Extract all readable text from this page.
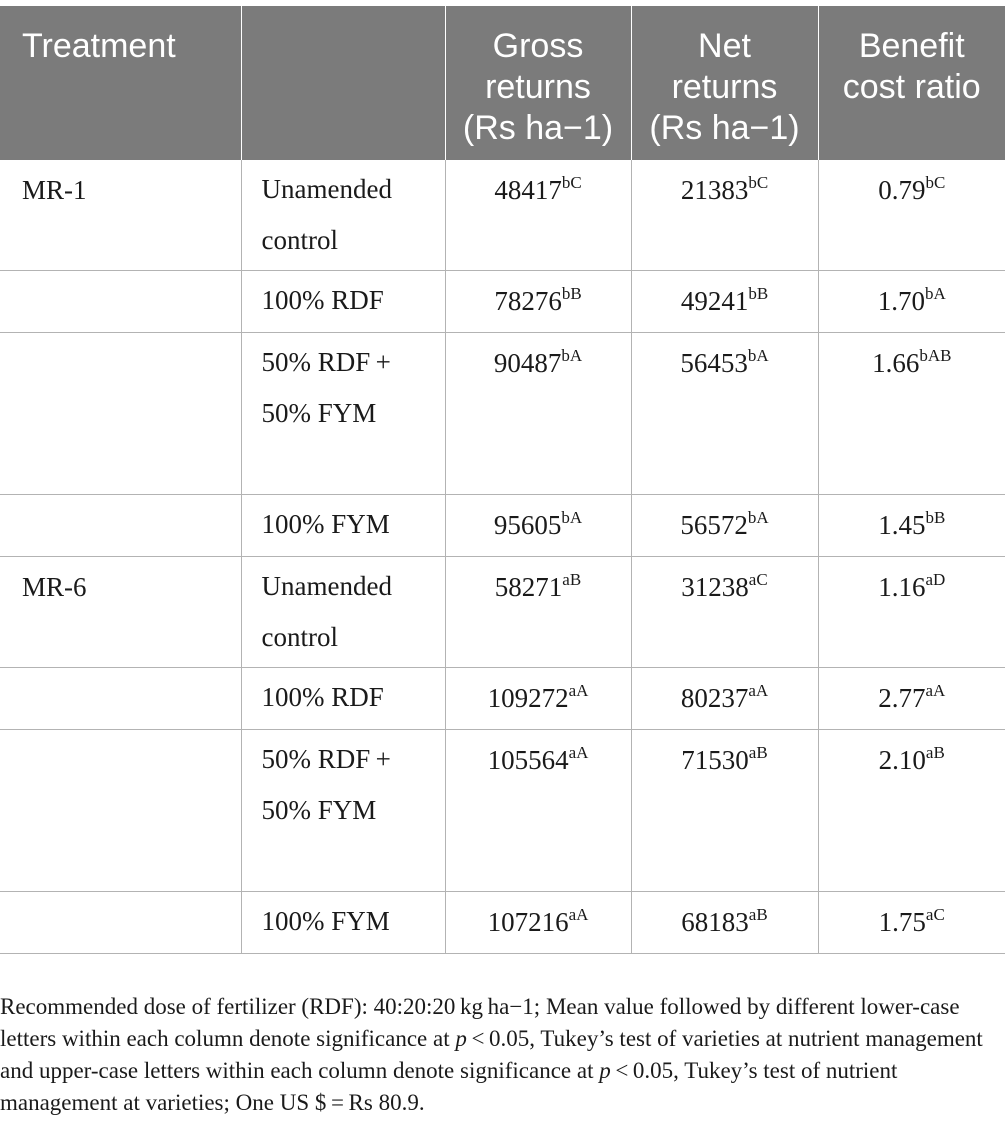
Treatment		Gross returns (Rs ha−1)	Net returns (Rs ha−1)	Benefit cost ratio
MR-1	Unamended control	$48417^{bC}$	$21383^{bC}$	$0.79^{bC}$
	100% RDF	$78276^{bB}$	$49241^{bB}$	$1.70^{bA}$
	50% RDF + 50% FYM	$90487^{bA}$	$56453^{bA}$	$1.66^{bAB}$
	100% FYM	$95605^{bA}$	$56572^{bA}$	$1.45^{bB}$
MR-6	Unamended control	$58271^{aB}$	$31238^{aC}$	$1.16^{aD}$
	100% RDF	$109272^{aA}$	$80237^{aA}$	$2.77^{aA}$
	50% RDF + 50% FYM	$105564^{aA}$	$71530^{aB}$	$2.10^{aB}$
	100% FYM	$107216^{aA}$	$68183^{aB}$	$1.75^{aC}$

Recommended dose of fertilizer (RDF): 40:20:20 kg ha−1; Mean value followed by different lower-case letters within each column denote significance at p < 0.05, Tukey’s test of varieties at nutrient management and upper-case letters within each column denote significance at p < 0.05, Tukey’s test of nutrient management at varieties; One US $ = Rs 80.9.
